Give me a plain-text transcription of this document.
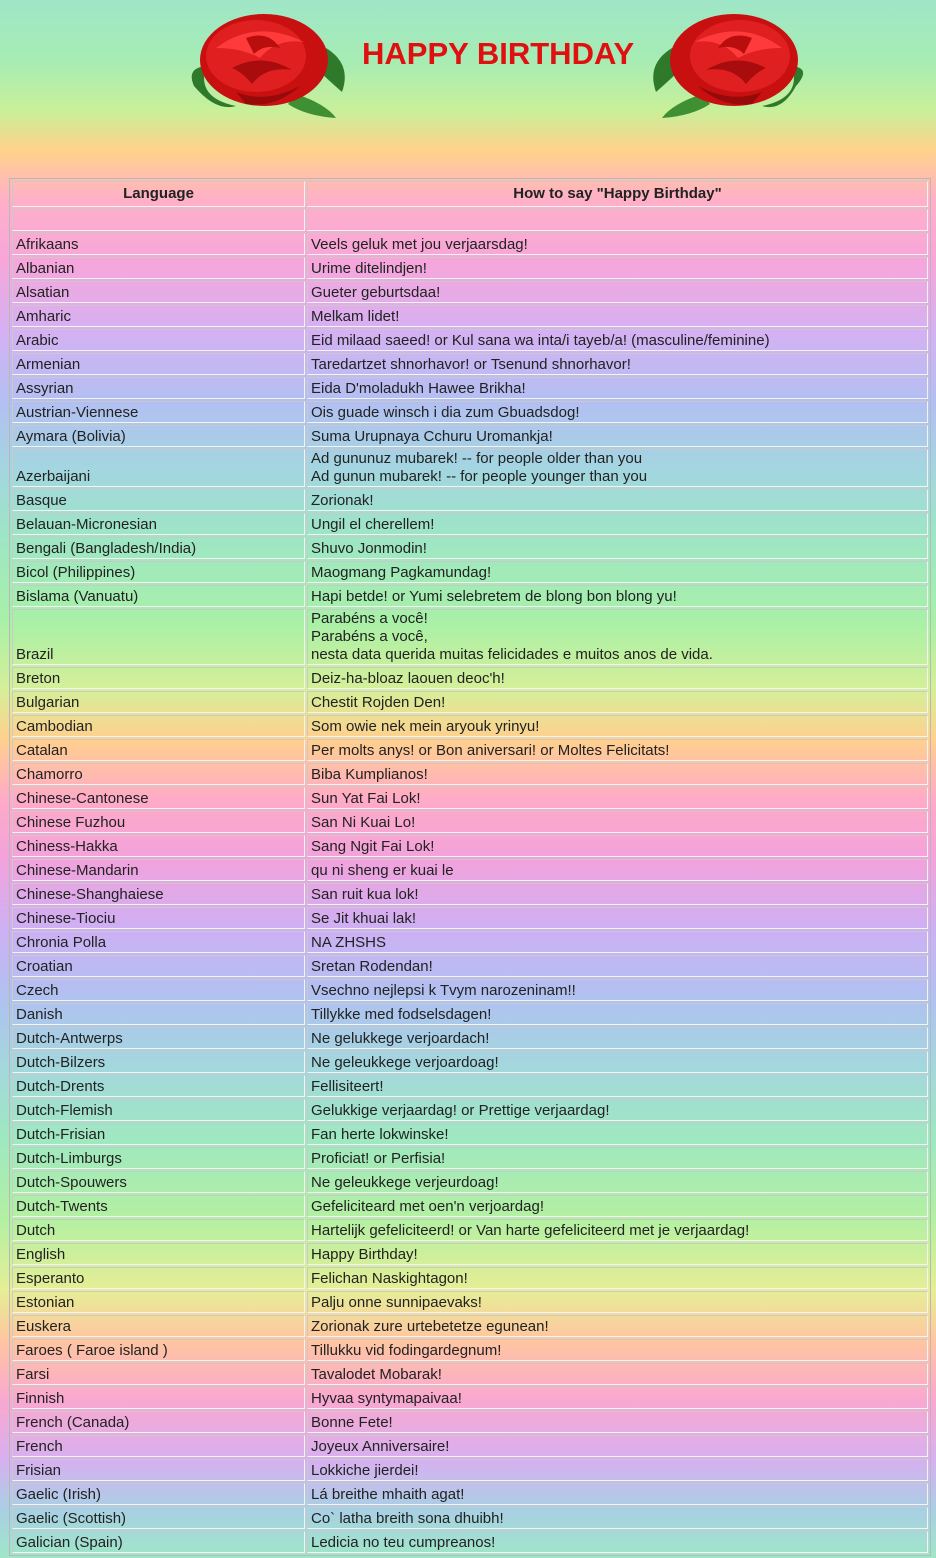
HAPPY BIRTHDAY
Language	How to say "Happy Birthday"

Afrikaans	Veels geluk met jou verjaarsdag!

Albanian	Urime ditelindjen!

Alsatian	Gueter geburtsdaa!

Amharic	Melkam lidet!

Arabic	Eid milaad saeed! or Kul sana wa inta/i tayeb/a! (masculine/feminine)

Armenian	Taredartzet shnorhavor! or Tsenund shnorhavor!

Assyrian	Eida D'moladukh Hawee Brikha!

Austrian-Viennese	Ois guade winsch i dia zum Gbuadsdog!

Aymara (Bolivia)	Suma Urupnaya Cchuru Uromankja!

Azerbaijani	Ad gununuz mubarek! -- for people older than you
Ad gunun mubarek! -- for people younger than you

Basque	Zorionak!

Belauan-Micronesian	Ungil el cherellem!

Bengali (Bangladesh/India)	Shuvo Jonmodin!

Bicol (Philippines)	Maogmang Pagkamundag!

Bislama (Vanuatu)	Hapi betde! or Yumi selebretem de blong bon blong yu!

Brazil	Parabéns a você!
Parabéns a você,
nesta data querida muitas felicidades e muitos anos de vida.

Breton	Deiz-ha-bloaz laouen deoc'h!

Bulgarian	Chestit Rojden Den!

Cambodian	Som owie nek mein aryouk yrinyu!

Catalan	Per molts anys! or Bon aniversari! or Moltes Felicitats!

Chamorro	Biba Kumplianos!

Chinese-Cantonese	Sun Yat Fai Lok!

Chinese Fuzhou	San Ni Kuai Lo!

Chiness-Hakka	Sang Ngit Fai Lok!

Chinese-Mandarin	qu ni sheng er kuai le

Chinese-Shanghaiese	San ruit kua lok!

Chinese-Tiociu	Se Jit khuai lak!

Chronia Polla	NA ZHSHS

Croatian	Sretan Rodendan!

Czech	Vsechno nejlepsi k Tvym narozeninam!!

Danish	Tillykke med fodselsdagen!

Dutch-Antwerps	Ne gelukkege verjoardach!

Dutch-Bilzers	Ne geleukkege verjoardoag!

Dutch-Drents	Fellisiteert!

Dutch-Flemish	Gelukkige verjaardag! or Prettige verjaardag!

Dutch-Frisian	Fan herte lokwinske!

Dutch-Limburgs	Proficiat! or Perfisia!

Dutch-Spouwers	Ne geleukkege verjeurdoag!

Dutch-Twents	Gefeliciteard met oen'n verjoardag!

Dutch	Hartelijk gefeliciteerd! or Van harte gefeliciteerd met je verjaardag!

English	Happy Birthday!

Esperanto	Felichan Naskightagon!

Estonian	Palju onne sunnipaevaks!

Euskera	Zorionak zure urtebetetze egunean!

Faroes ( Faroe island )	Tillukku vid fodingardegnum!

Farsi	Tavalodet Mobarak!

Finnish	Hyvaa syntymapaivaa!

French (Canada)	Bonne Fete!

French	Joyeux Anniversaire!

Frisian	Lokkiche jierdei!

Gaelic (Irish)	Lá breithe mhaith agat!

Gaelic (Scottish)	Co` latha breith sona dhuibh!

Galician (Spain)	Ledicia no teu cumpreanos!
